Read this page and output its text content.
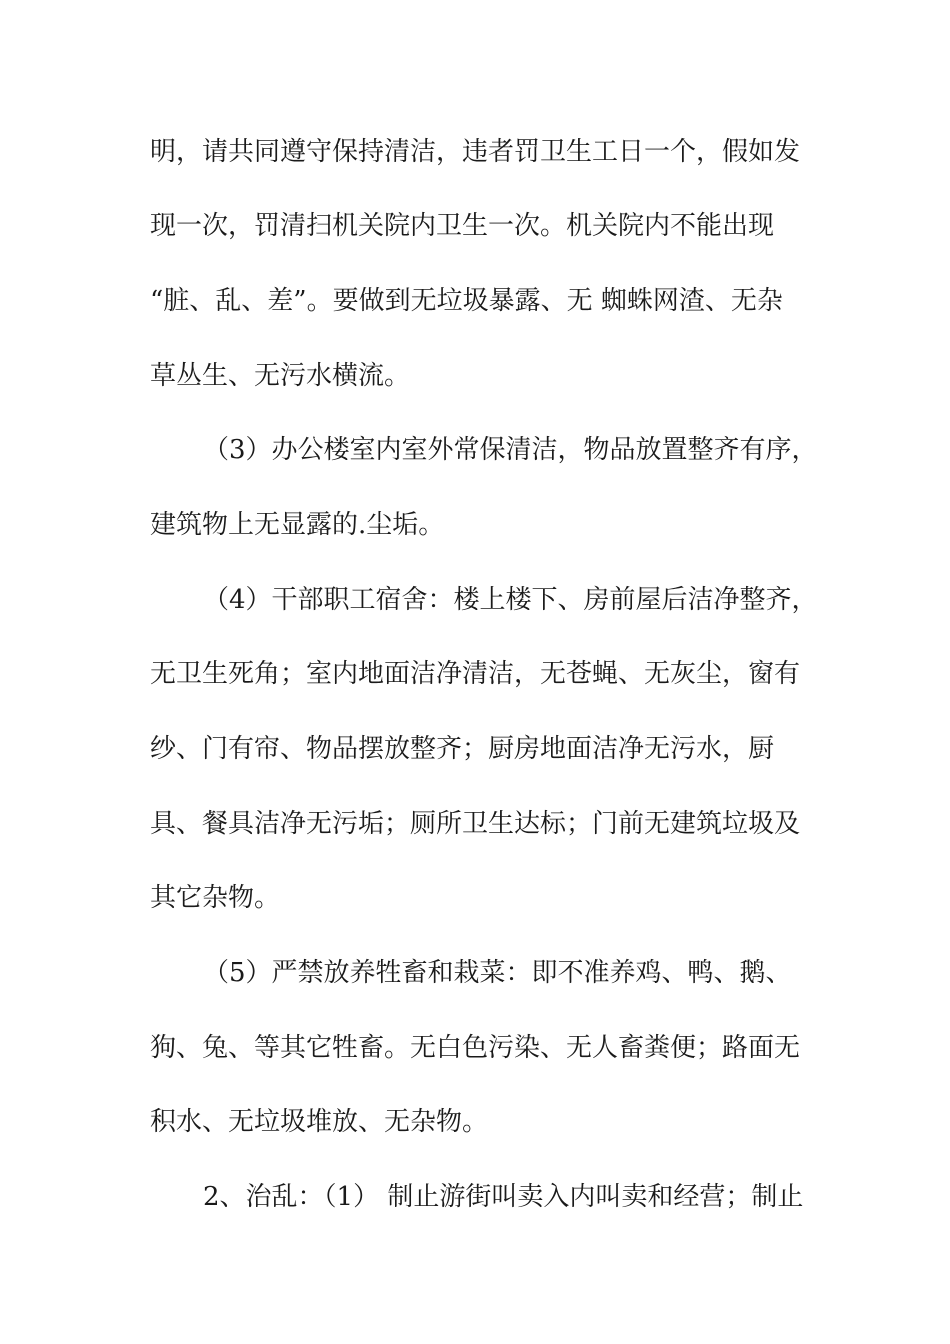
明，请共同遵守保持清洁，违者罚卫生工日一个，假如发
现一次，罚清扫机关院内卫生一次。机关院内不能出现
“脏、乱、差”。要做到无垃圾暴露、无 蜘蛛网渣、无杂
草丛生、无污水横流。
（3）办公楼室内室外常保清洁，物品放置整齐有序，
建筑物上无显露的.尘垢。
（4）干部职工宿舍：楼上楼下、房前屋后洁净整齐，
无卫生死角；室内地面洁净清洁，无苍蝇、无灰尘，窗有
纱、门有帘、物品摆放整齐；厨房地面洁净无污水，厨
具、餐具洁净无污垢；厕所卫生达标；门前无建筑垃圾及
其它杂物。
（5）严禁放养牲畜和栽菜：即不准养鸡、鸭、鹅、
狗、兔、等其它牲畜。无白色污染、无人畜粪便；路面无
积水、无垃圾堆放、无杂物。
2、治乱：（1） 制止游街叫卖入内叫卖和经营；制止
